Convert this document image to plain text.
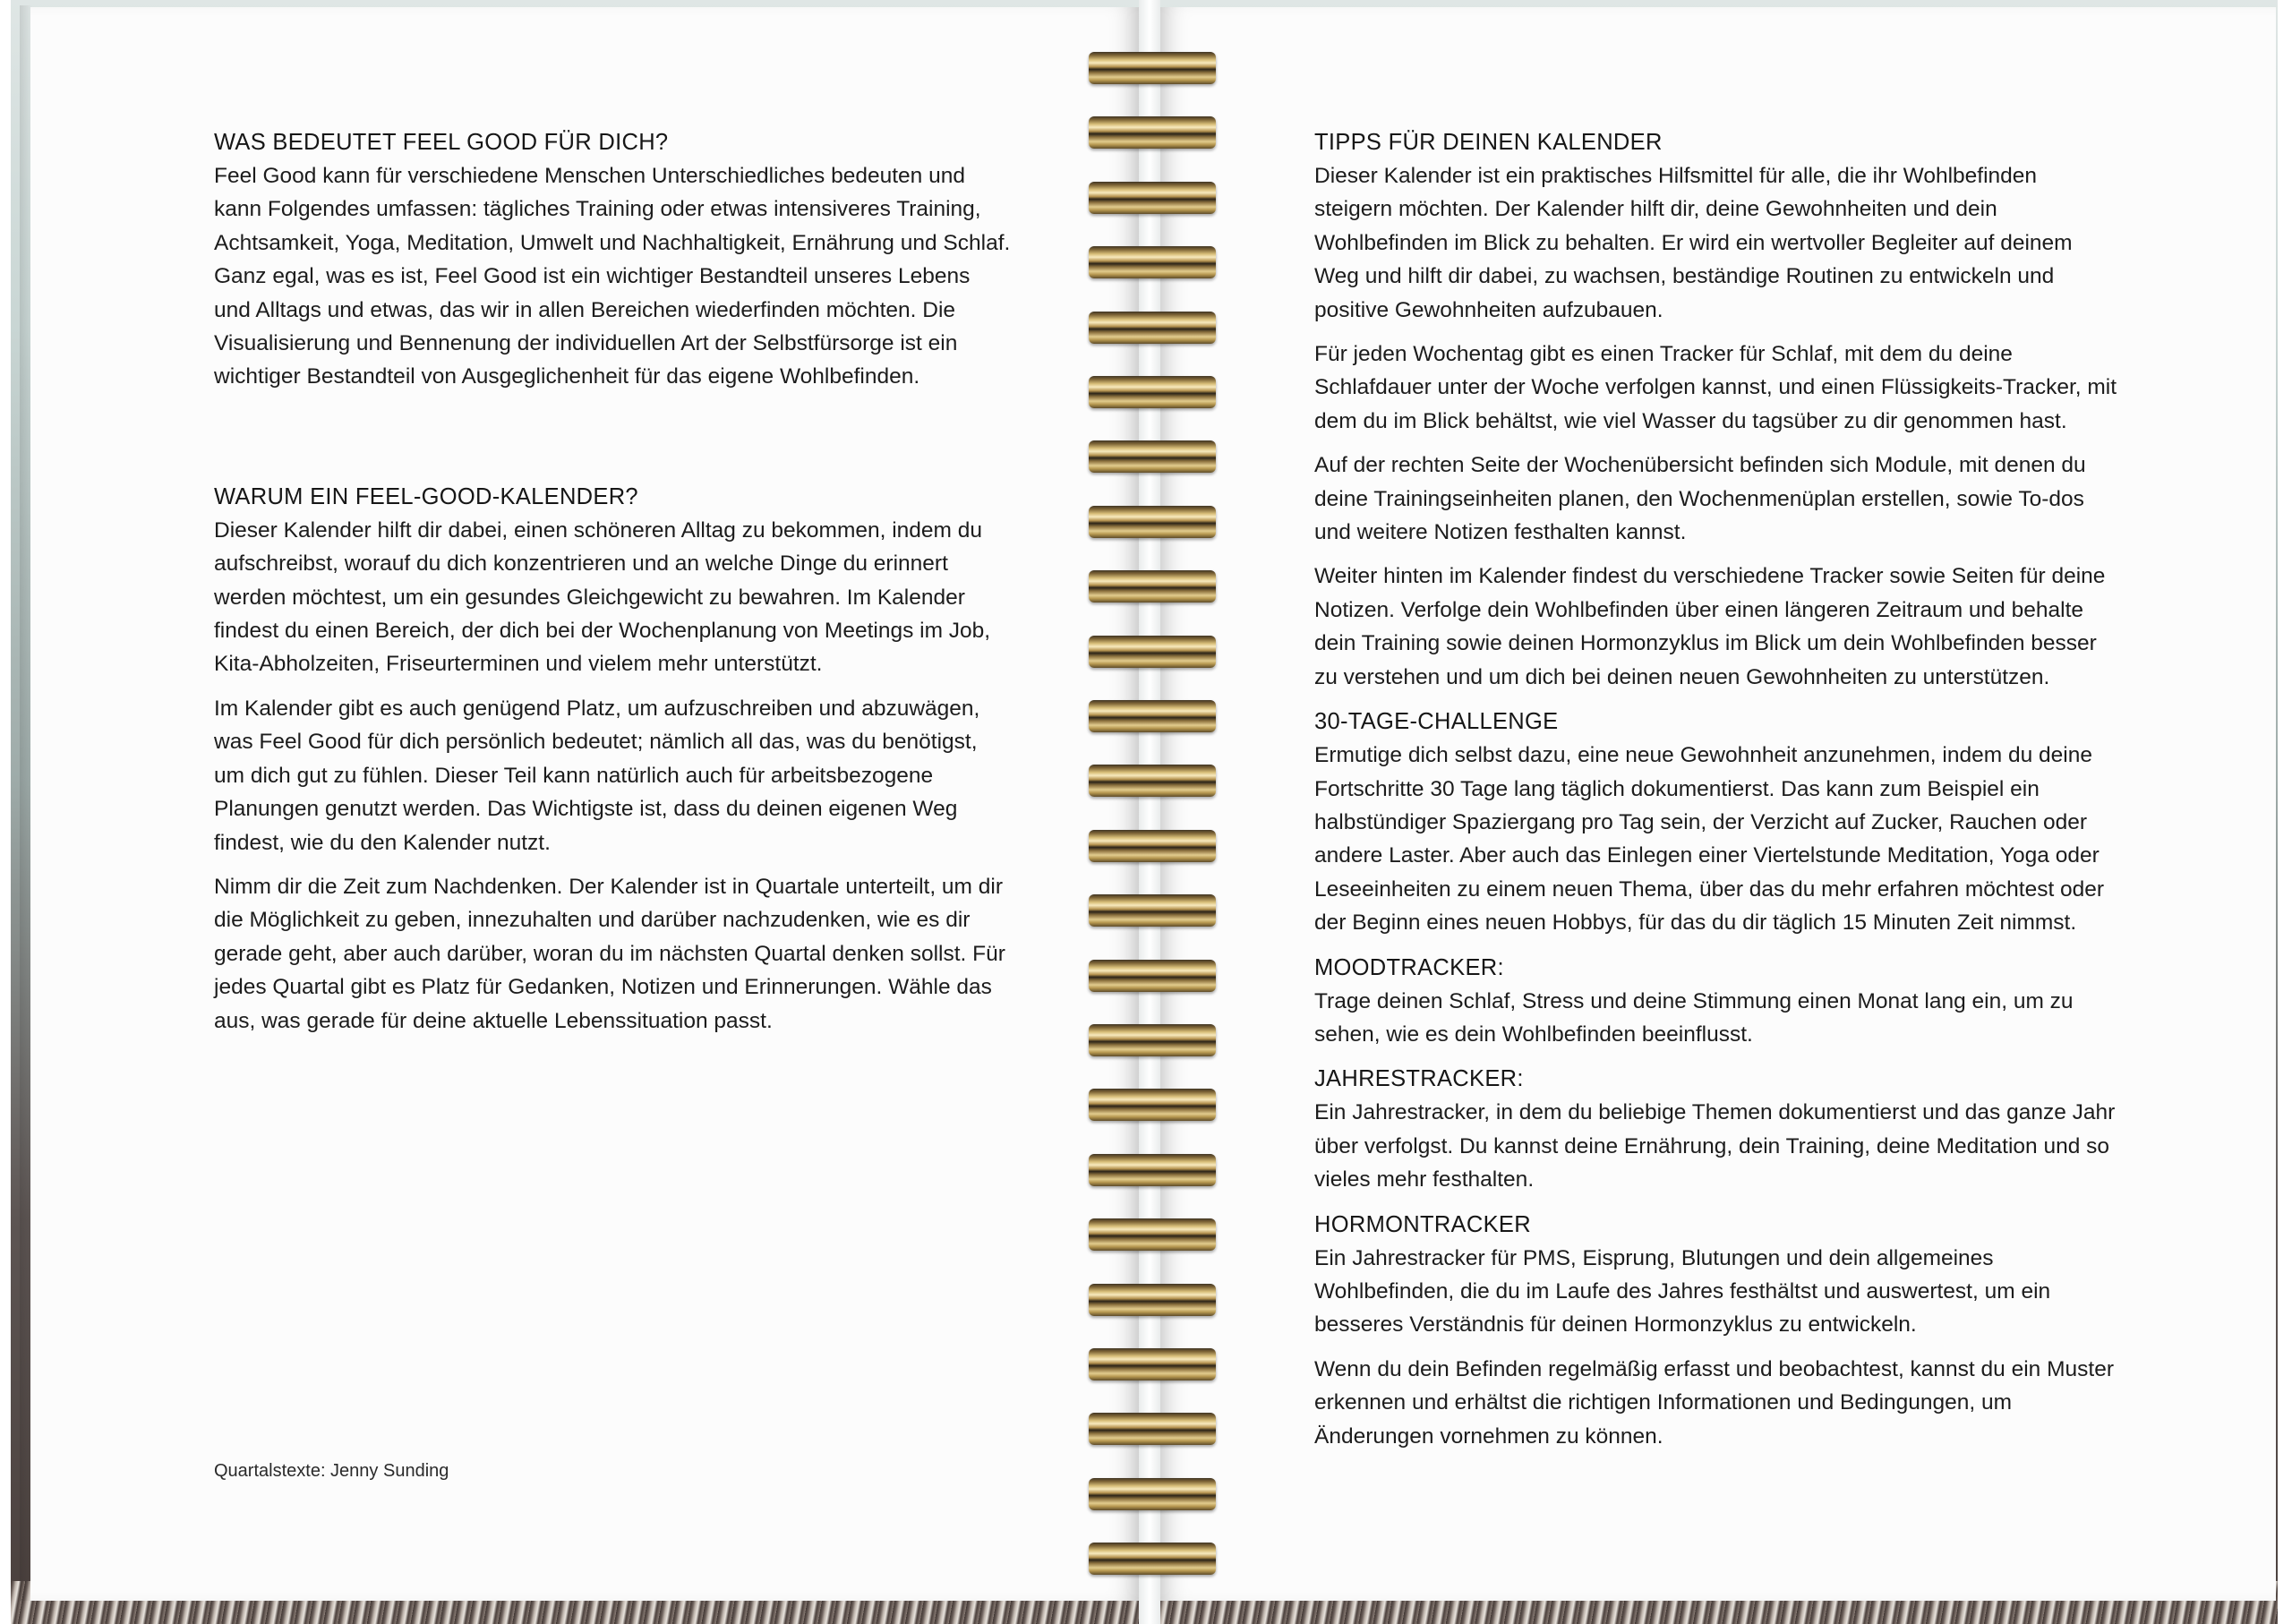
WAS BEDEUTET FEEL GOOD FÜR DICH?

Feel Good kann für verschiedene Menschen Unterschiedliches bedeuten und kann Folgendes umfassen: tägliches Training oder etwas intensiveres Training, Achtsamkeit, Yoga, Meditation, Umwelt und Nachhaltigkeit, Ernährung und Schlaf. Ganz egal, was es ist, Feel Good ist ein wichtiger Bestandteil unseres Lebens und Alltags und etwas, das wir in allen Bereichen wiederfinden möchten. Die Visualisierung und Bennenung der individuellen Art der Selbstfürsorge ist ein wichtiger Bestandteil von Ausgeglichenheit für das eigene Wohlbefinden.

WARUM EIN FEEL-GOOD-KALENDER?

Dieser Kalender hilft dir dabei, einen schöneren Alltag zu bekommen, indem du aufschreibst, worauf du dich konzentrieren und an welche Dinge du erinnert werden möchtest, um ein gesundes Gleichgewicht zu bewahren. Im Kalender findest du einen Bereich, der dich bei der Wochenplanung von Meetings im Job, Kita-Abholzeiten, Friseurterminen und vielem mehr unterstützt.

Im Kalender gibt es auch genügend Platz, um aufzuschreiben und abzuwägen, was Feel Good für dich persönlich bedeutet; nämlich all das, was du benötigst, um dich gut zu fühlen. Dieser Teil kann natürlich auch für arbeitsbezogene Planungen genutzt werden. Das Wichtigste ist, dass du deinen eigenen Weg findest, wie du den Kalender nutzt.

Nimm dir die Zeit zum Nachdenken. Der Kalender ist in Quartale unterteilt, um dir die Möglichkeit zu geben, innezuhalten und darüber nachzudenken, wie es dir gerade geht, aber auch darüber, woran du im nächsten Quartal denken sollst. Für jedes Quartal gibt es Platz für Gedanken, Notizen und Erinnerungen. Wähle das aus, was gerade für deine aktuelle Lebenssituation passt.

Quartalstexte: Jenny Sunding
TIPPS FÜR DEINEN KALENDER

Dieser Kalender ist ein praktisches Hilfsmittel für alle, die ihr Wohlbefinden steigern möchten. Der Kalender hilft dir, deine Gewohnheiten und dein Wohlbefinden im Blick zu behalten. Er wird ein wertvoller Begleiter auf deinem Weg und hilft dir dabei, zu wachsen, beständige Routinen zu entwickeln und positive Gewohnheiten aufzubauen.

Für jeden Wochentag gibt es einen Tracker für Schlaf, mit dem du deine Schlafdauer unter der Woche verfolgen kannst, und einen Flüssigkeits-Tracker, mit dem du im Blick behältst, wie viel Wasser du tagsüber zu dir genommen hast.

Auf der rechten Seite der Wochenübersicht befinden sich Module, mit denen du deine Trainingseinheiten planen, den Wochenmenüplan erstellen, sowie To-dos und weitere Notizen festhalten kannst.

Weiter hinten im Kalender findest du verschiedene Tracker sowie Seiten für deine Notizen. Verfolge dein Wohlbefinden über einen längeren Zeitraum und behalte dein Training sowie deinen Hormonzyklus im Blick um dein Wohlbefinden besser zu verstehen und um dich bei deinen neuen Gewohnheiten zu unterstützen.

30-TAGE-CHALLENGE

Ermutige dich selbst dazu, eine neue Gewohnheit anzunehmen, indem du deine Fortschritte 30 Tage lang täglich dokumentierst. Das kann zum Beispiel ein halbstündiger Spaziergang pro Tag sein, der Verzicht auf Zucker, Rauchen oder andere Laster. Aber auch das Einlegen einer Viertelstunde Meditation, Yoga oder Leseeinheiten zu einem neuen Thema, über das du mehr erfahren möchtest oder der Beginn eines neuen Hobbys, für das du dir täglich 15 Minuten Zeit nimmst.

MOODTRACKER:

Trage deinen Schlaf, Stress und deine Stimmung einen Monat lang ein, um zu sehen, wie es dein Wohlbefinden beeinflusst.

JAHRESTRACKER:

Ein Jahrestracker, in dem du beliebige Themen dokumentierst und das ganze Jahr über verfolgst. Du kannst deine Ernährung, dein Training, deine Meditation und so vieles mehr festhalten.

HORMONTRACKER

Ein Jahrestracker für PMS, Eisprung, Blutungen und dein allgemeines Wohlbefinden, die du im Laufe des Jahres festhältst und auswertest, um ein besseres Verständnis für deinen Hormonzyklus zu entwickeln.

Wenn du dein Befinden regelmäßig erfasst und beobachtest, kannst du ein Muster erkennen und erhältst die richtigen Informationen und Bedingungen, um Änderungen vornehmen zu können.
